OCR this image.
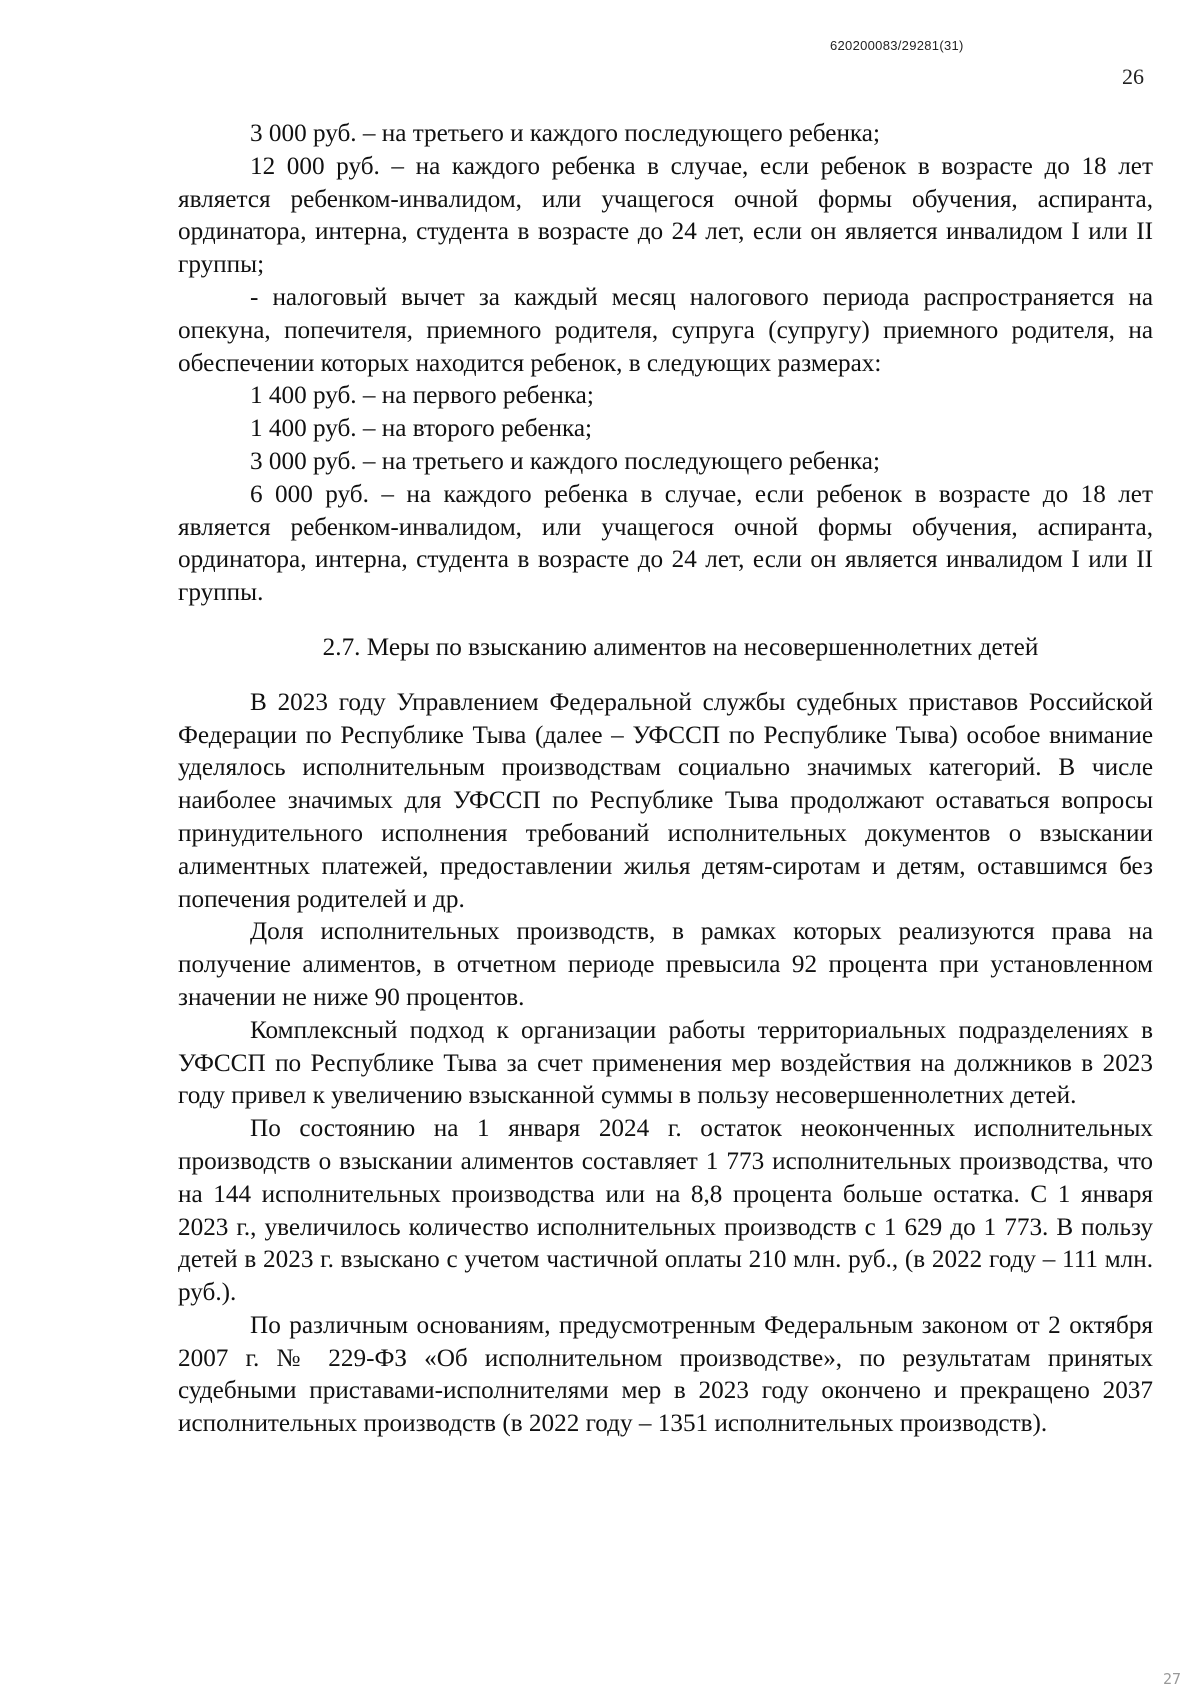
620200083/29281(31)
26

3 000 руб. – на третьего и каждого последующего ребенка;

12 000 руб. – на каждого ребенка в случае, если ребенок в возрасте до 18 лет является ребенком-инвалидом, или учащегося очной формы обучения, аспиранта, ординатора, интерна, студента в возрасте до 24 лет, если он является инвалидом I или II группы;

- налоговый вычет за каждый месяц налогового периода распространяется на опекуна, попечителя, приемного родителя, супруга (супругу) приемного родителя, на обеспечении которых находится ребенок, в следующих размерах:

1 400 руб. – на первого ребенка;

1 400 руб. – на второго ребенка;

3 000 руб. – на третьего и каждого последующего ребенка;

6 000 руб. – на каждого ребенка в случае, если ребенок в возрасте до 18 лет является ребенком-инвалидом, или учащегося очной формы обучения, аспиранта, ординатора, интерна, студента в возрасте до 24 лет, если он является инвалидом I или II группы.

2.7. Меры по взысканию алиментов на несовершеннолетних детей

В 2023 году Управлением Федеральной службы судебных приставов Российской Федерации по Республике Тыва (далее – УФССП по Республике Тыва) особое внимание уделялось исполнительным производствам социально значимых категорий. В числе наиболее значимых для УФССП по Республике Тыва продолжают оставаться вопросы принудительного исполнения требований исполнительных документов о взыскании алиментных платежей, предоставлении жилья детям-сиротам и детям, оставшимся без попечения родителей и др.

Доля исполнительных производств, в рамках которых реализуются права на получение алиментов, в отчетном периоде превысила 92 процента при установленном значении не ниже 90 процентов.

Комплексный подход к организации работы территориальных подразделениях в УФССП по Республике Тыва за счет применения мер воздействия на должников в 2023 году привел к увеличению взысканной суммы в пользу несовершеннолетних детей.

По состоянию на 1 января 2024 г. остаток неоконченных исполнительных производств о взыскании алиментов составляет 1 773 исполнительных производства, что на 144 исполнительных производства или на 8,8 процента больше остатка. С 1 января 2023 г., увеличилось количество исполнительных производств с 1 629 до 1 773. В пользу детей в 2023 г. взыскано с учетом частичной оплаты 210 млн. руб., (в 2022 году – 111 млн. руб.).

По различным основаниям, предусмотренным Федеральным законом от 2 октября 2007 г. № 229-ФЗ «Об исполнительном производстве», по результатам принятых судебными приставами-исполнителями мер в 2023 году окончено и прекращено 2037 исполнительных производств (в 2022 году – 1351 исполнительных производств).

27
